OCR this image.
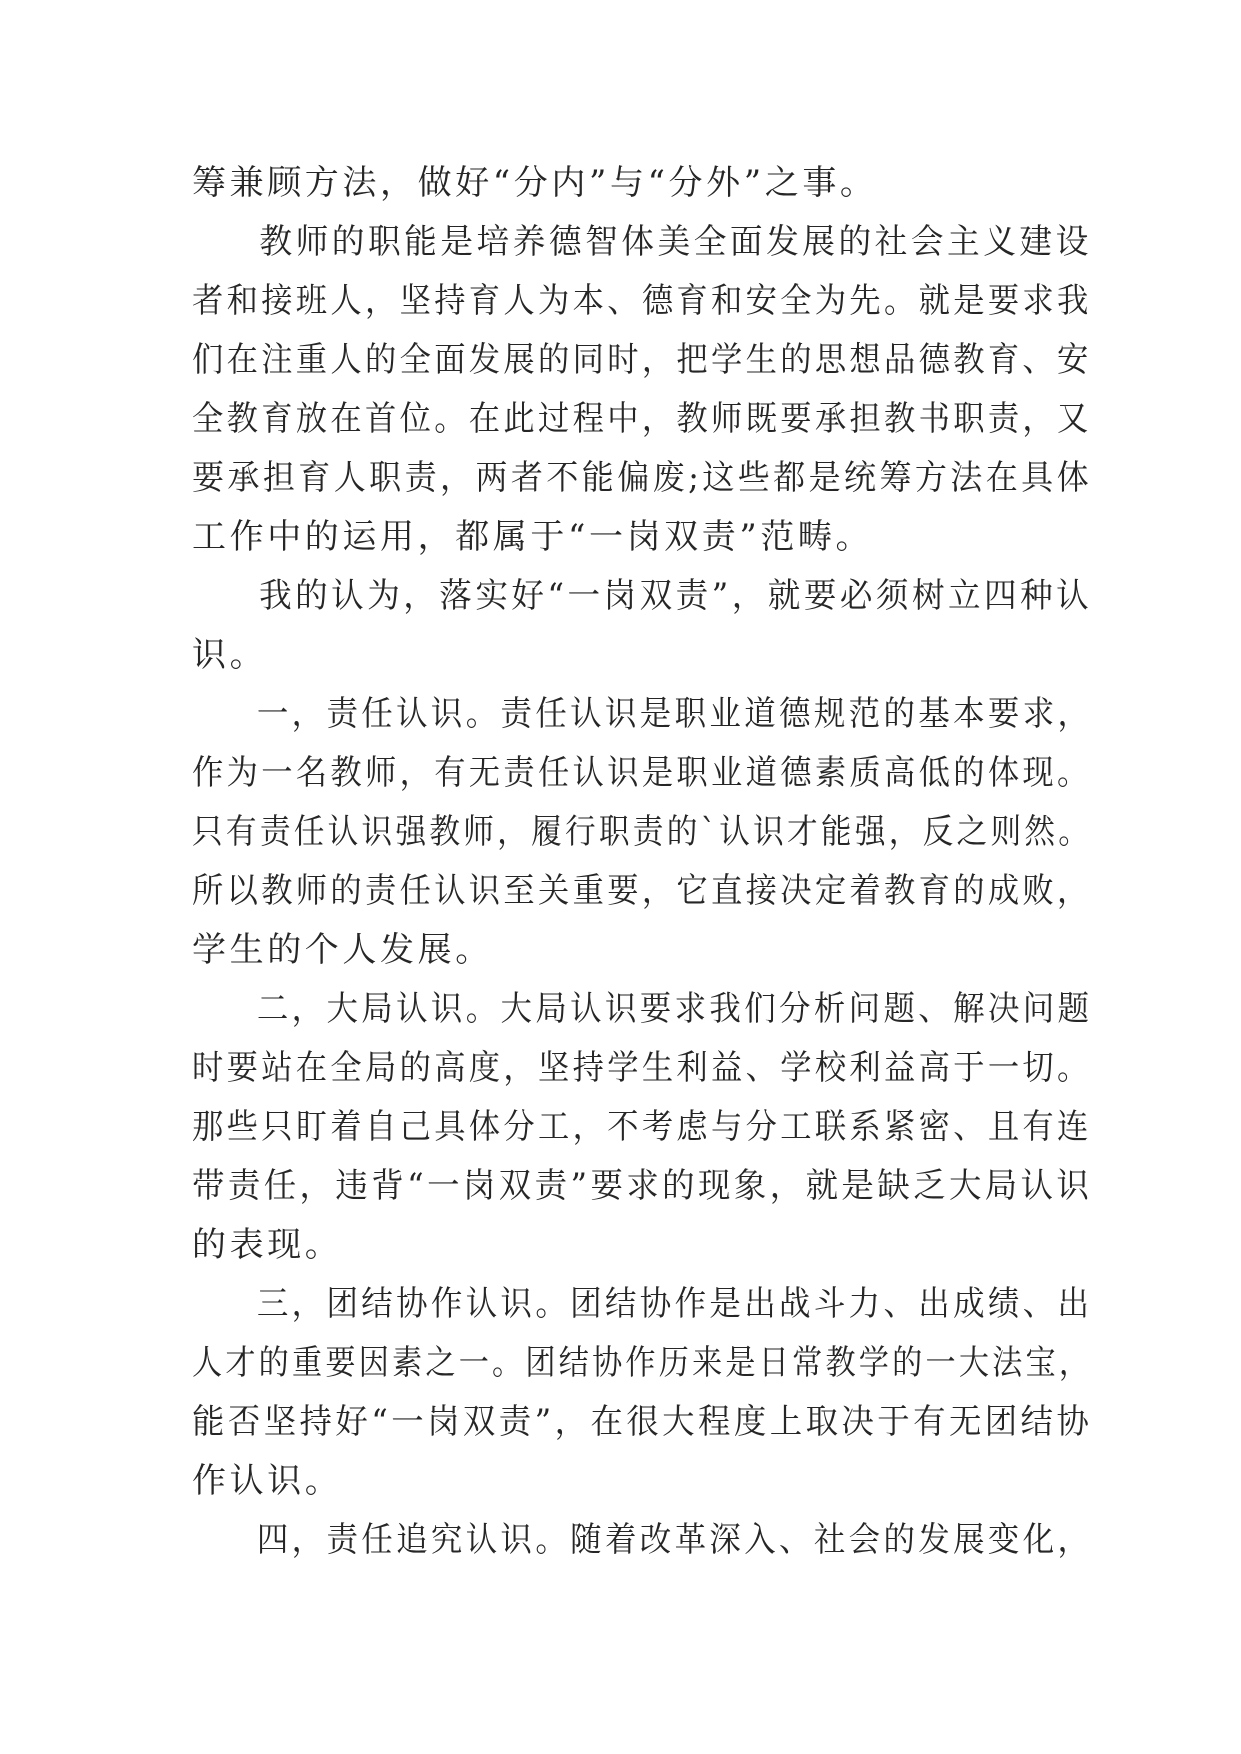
筹兼顾方法，做好“分内”与“分外”之事。
教师的职能是培养德智体美全面发展的社会主义建设
者和接班人，坚持育人为本、德育和安全为先。就是要求我
们在注重人的全面发展的同时，把学生的思想品德教育、安
全教育放在首位。在此过程中，教师既要承担教书职责，又
要承担育人职责，两者不能偏废;这些都是统筹方法在具体
工作中的运用，都属于“一岗双责”范畴。
我的认为，落实好“一岗双责”，就要必须树立四种认
识。
一，责任认识。责任认识是职业道德规范的基本要求，
作为一名教师，有无责任认识是职业道德素质高低的体现。
只有责任认识强教师，履行职责的`认识才能强，反之则然。
所以教师的责任认识至关重要，它直接决定着教育的成败，
学生的个人发展。
二，大局认识。大局认识要求我们分析问题、解决问题
时要站在全局的高度，坚持学生利益、学校利益高于一切。
那些只盯着自己具体分工，不考虑与分工联系紧密、且有连
带责任，违背“一岗双责”要求的现象，就是缺乏大局认识
的表现。
三，团结协作认识。团结协作是出战斗力、出成绩、出
人才的重要因素之一。团结协作历来是日常教学的一大法宝，
能否坚持好“一岗双责”，在很大程度上取决于有无团结协
作认识。
四，责任追究认识。随着改革深入、社会的发展变化，
